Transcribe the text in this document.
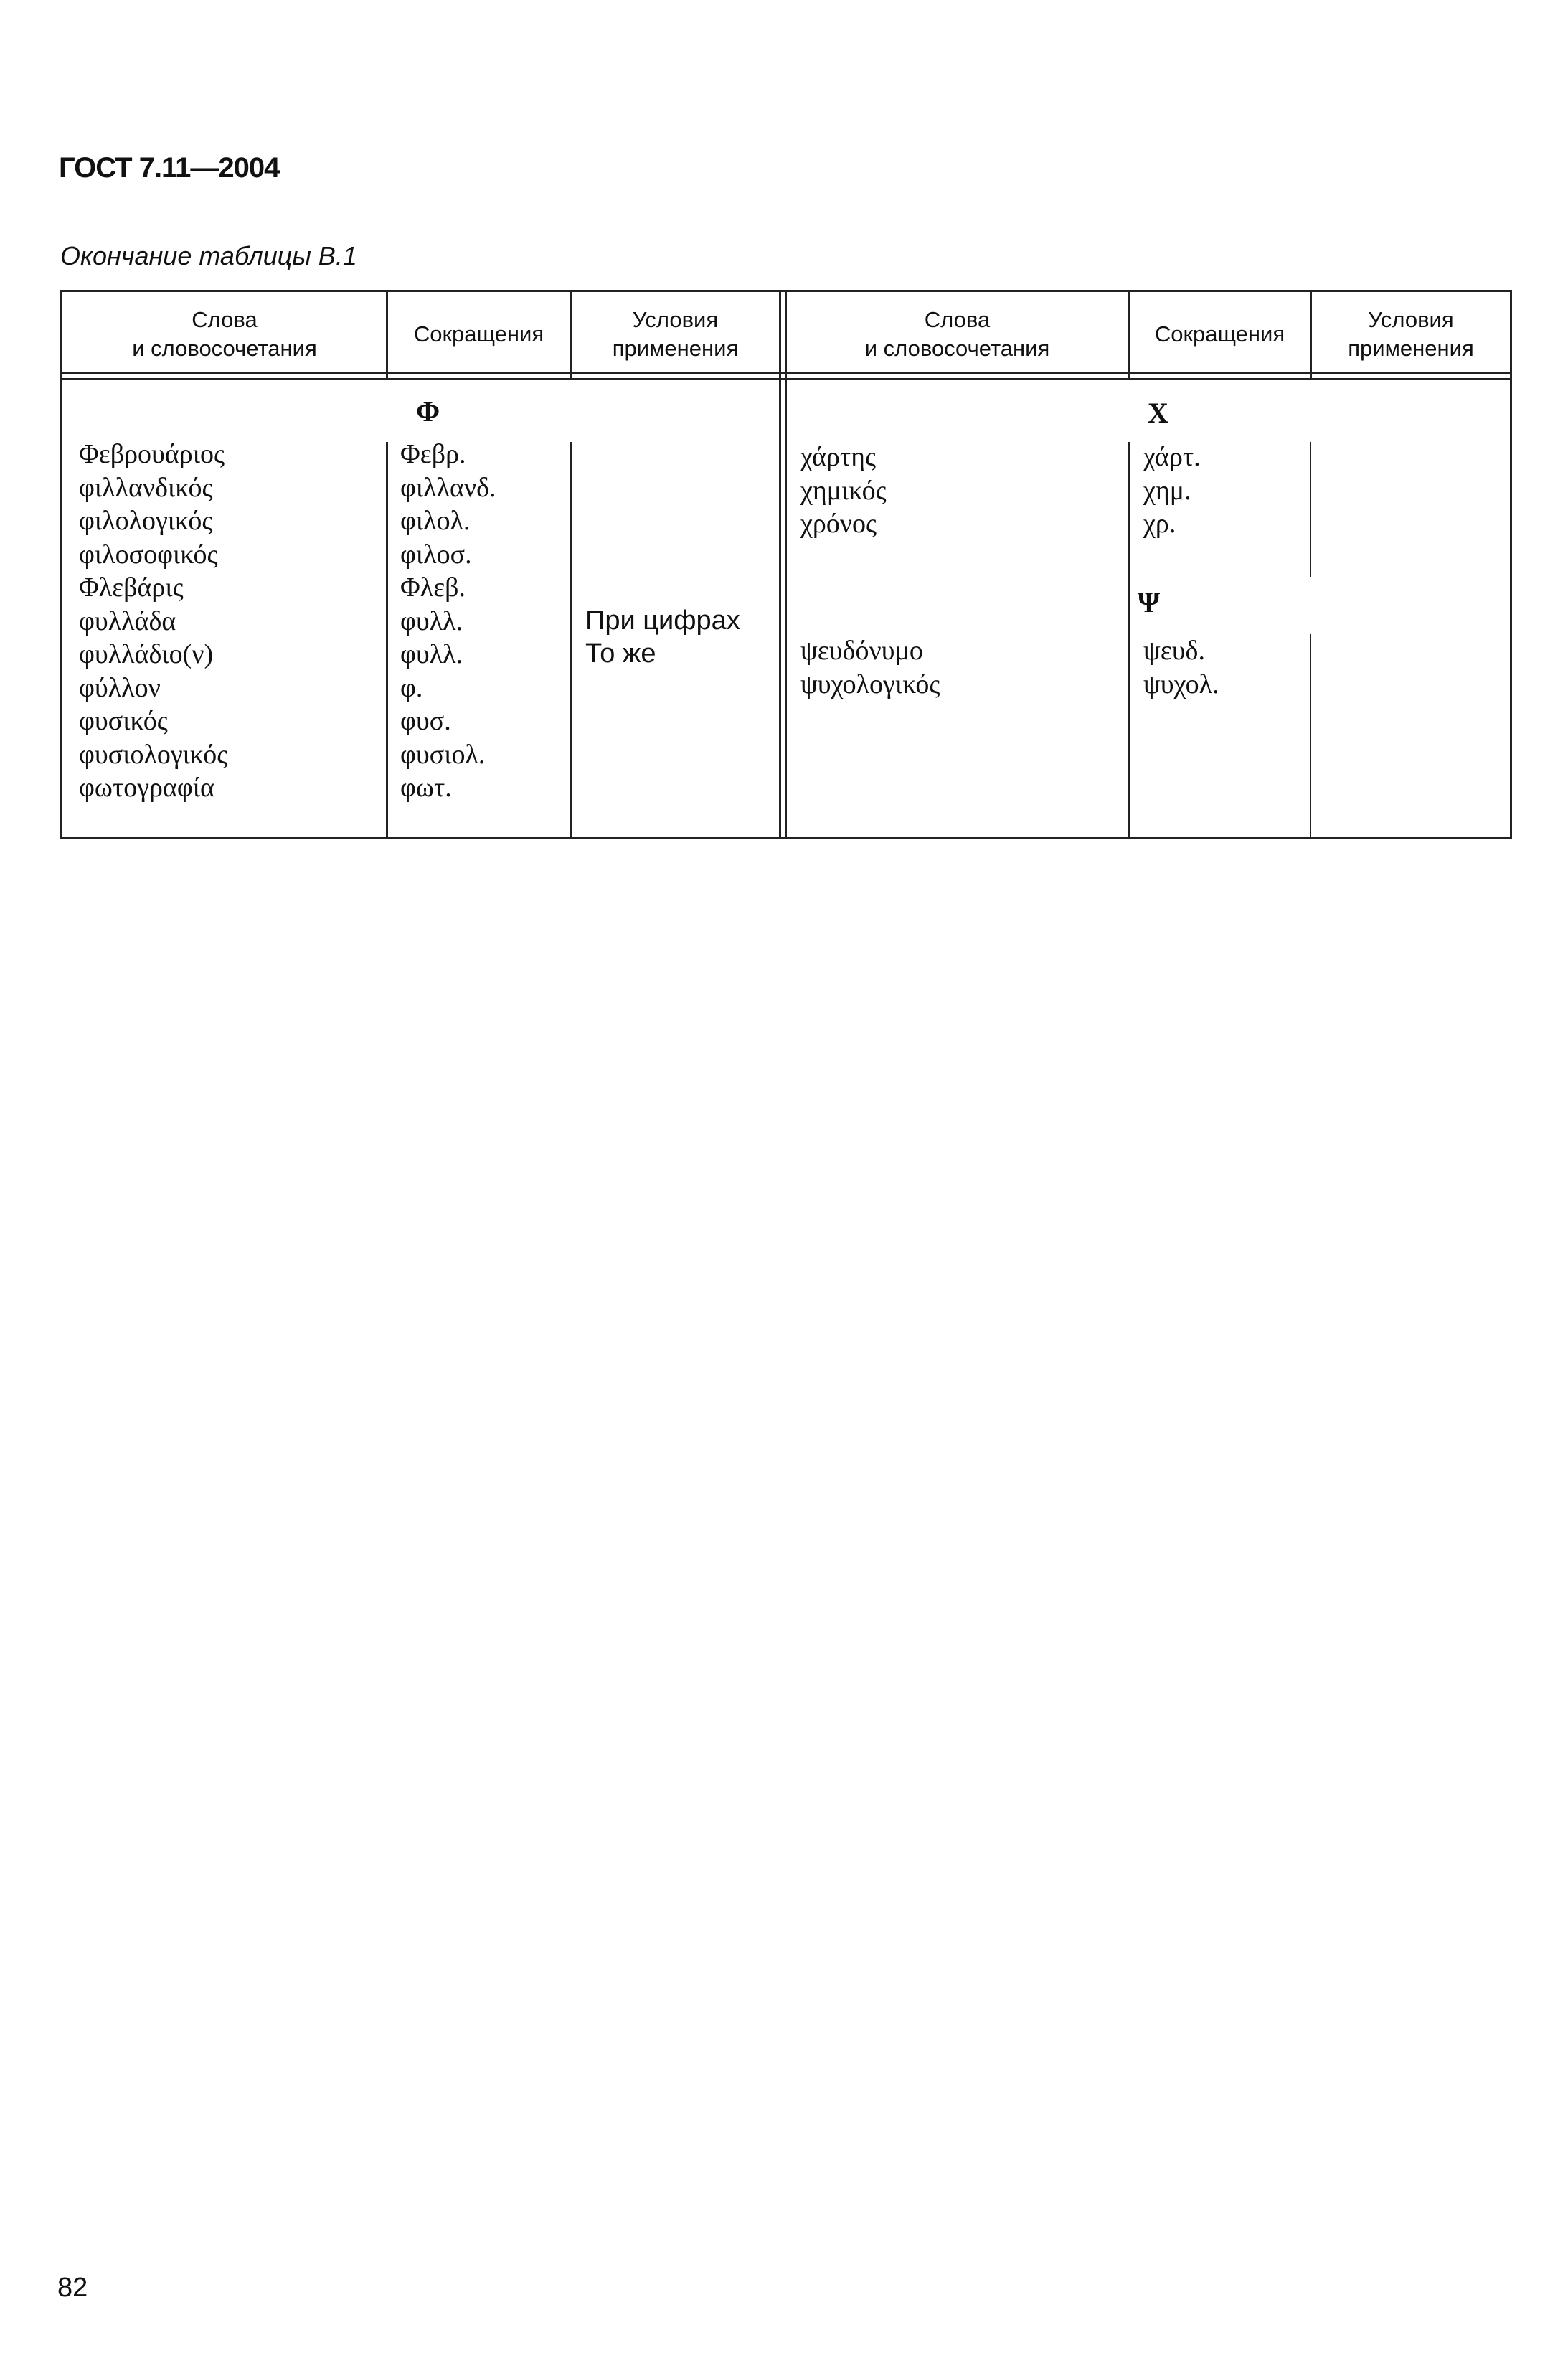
ГОСТ 7.11—2004
Окончание таблицы В.1
Слова
и словосочетания
Сокращения
Условия
применения
Слова
и словосочетания
Сокращения
Условия
применения
Φ
Φεβρουάριος
φιλλανδικός
φιλολογικός
φιλοσοφικός
Φλεβάρις
φυλλάδα
φυλλάδιο(ν)
φύλλον
φυσικός
φυσιολογικός
φωτογραφία
Φεβρ.
φιλλανδ.
φιλολ.
φιλοσ.
Φλεβ.
φυλλ.
φυλλ.
φ.
φυσ.
φυσιολ.
φωτ.
При цифрах
То же
Χ
χάρτης
χημικός
χρόνος
χάρτ.
χημ.
χρ.
Ψ
ψευδόνυμο
ψυχολογικός
ψευδ.
ψυχολ.
82
